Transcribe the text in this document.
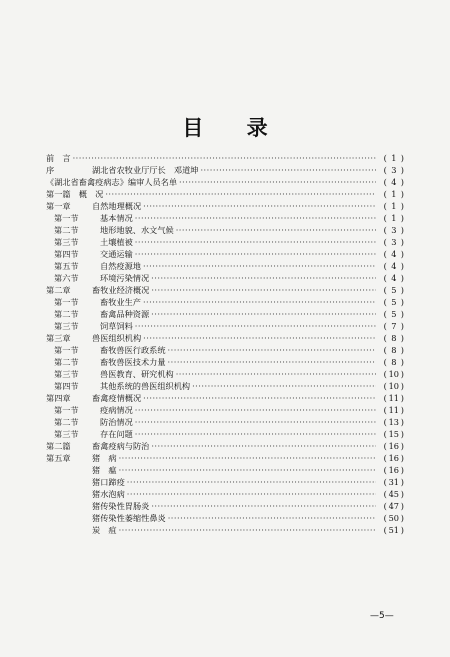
目 录
前　言 ·····	( 1 )
序	湖北省农牧业厅厅长　邓道坤 ·····	( 3 )
《湖北省畜禽疫病志》编审人员名单 ·····	( 4 )
第一篇　概　况 ·····	( 1 )
第一章	自然地理概况 ·····	( 1 )
第一节	基本情况 ·····	( 1 )
第二节	地形地貌、水文气候 ·····	( 3 )
第三节	土壤植被 ·····	( 3 )
第四节	交通运输 ·····	( 4 )
第五节	自然疫源地 ·····	( 4 )
第六节	环境污染情况 ·····	( 4 )
第二章	畜牧业经济概况 ·····	( 5 )
第一节	畜牧业生产 ·····	( 5 )
第二节	畜禽品种资源 ·····	( 5 )
第三节	饲草饲料 ·····	( 7 )
第三章	兽医组织机构 ·····	( 8 )
第一节	畜牧兽医行政系统 ·····	( 8 )
第二节	畜牧兽医技术力量 ·····	( 8 )
第三节	兽医教育、研究机构 ·····	( 10 )
第四节	其他系统的兽医组织机构 ·····	( 10 )
第四章	畜禽疫情概况 ·····	( 11 )
第一节	疫病情况 ·····	( 11 )
第二节	防治情况 ·····	( 13 )
第三节	存在问题 ·····	( 15 )
第二篇	畜禽疫病与防治 ·····	( 16 )
第五章	猪　病 ·····	( 16 )
猪　瘟 ·····	( 16 )
猪口蹄疫 ·····	( 31 )
猪水泡病 ·····	( 45 )
猪传染性胃肠炎 ·····	( 47 )
猪传染性萎缩性鼻炎 ·····	( 50 )
炭　疽 ·····	( 51 )
—5—
